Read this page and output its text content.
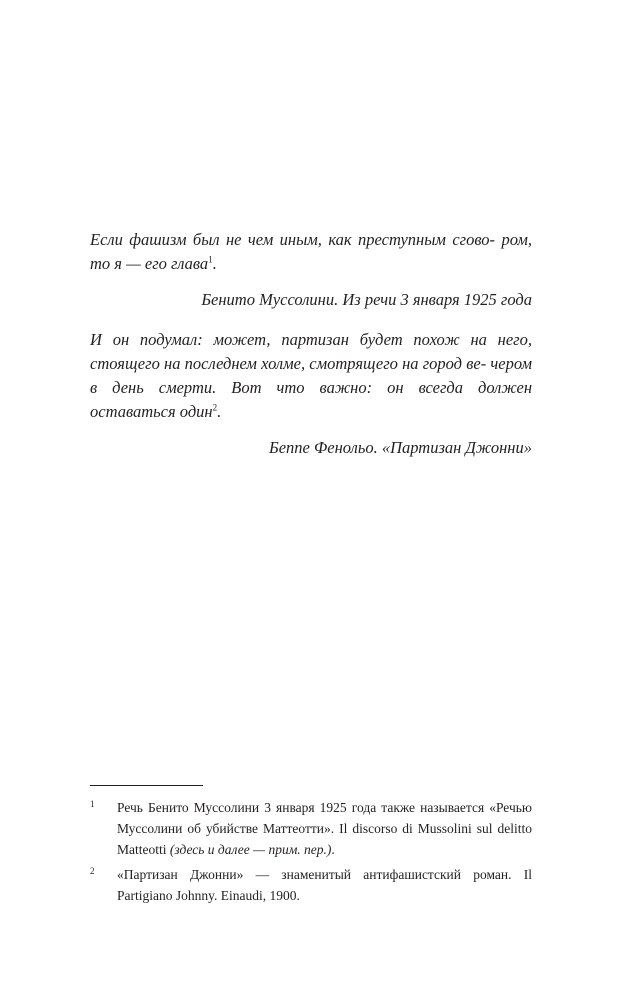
Если фашизм был не чем иным, как преступным сгово- ром, то я — его глава$^1$.

Бенито Муссолини. Из речи 3 января 1925 года

И он подумал: может, партизан будет похож на него, стоящего на последнем холме, смотрящего на город ве- чером в день смерти. Вот что важно: он всегда должен оставаться один$^2$.

Беппе Фенольо. «Партизан Джонни»

1 Речь Бенито Муссолини 3 января 1925 года также называется «Речью Муссолини об убийстве Маттеотти». Il discorso di Mussolini sul delitto Matteotti (здесь и далее — прим. пер.).
2 «Партизан Джонни» — знаменитый антифашистский роман. Il Partigiano Johnny. Einaudi, 1900.
